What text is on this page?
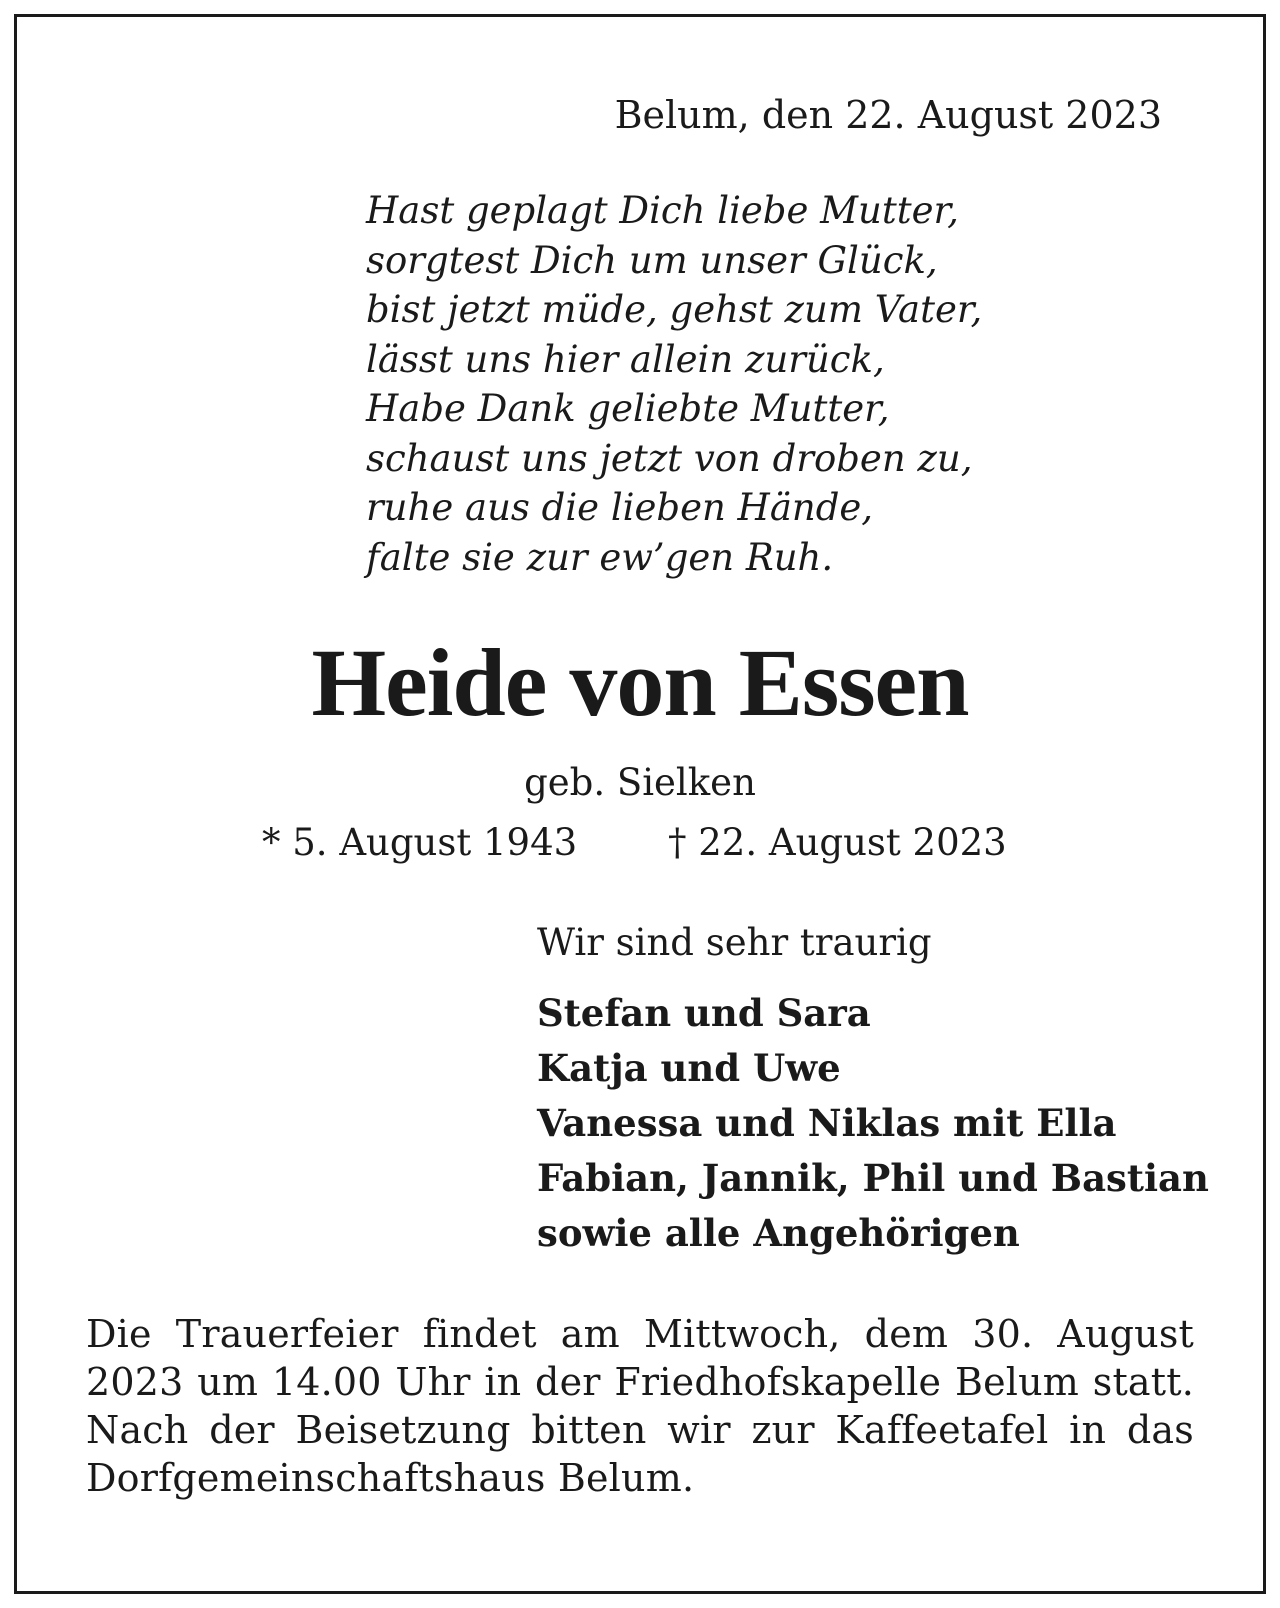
Belum, den 22. August 2023
Hast geplagt Dich liebe Mutter,
sorgtest Dich um unser Glück,
bist jetzt müde, gehst zum Vater,
lässt uns hier allein zurück,
Habe Dank geliebte Mutter,
schaust uns jetzt von droben zu,
ruhe aus die lieben Hände,
falte sie zur ew’gen Ruh.
Heide von Essen
geb. Sielken
* 5. August 1943 † 22. August 2023
Wir sind sehr traurig
Stefan und Sara
Katja und Uwe
Vanessa und Niklas mit Ella
Fabian, Jannik, Phil und Bastian
sowie alle Angehörigen
Die Trauerfeier findet am Mittwoch, dem 30. August 2023 um 14.00 Uhr in der Friedhofskapelle Belum statt. Nach der Beisetzung bitten wir zur Kaffeetafel in das Dorfgemeinschaftshaus Belum.
